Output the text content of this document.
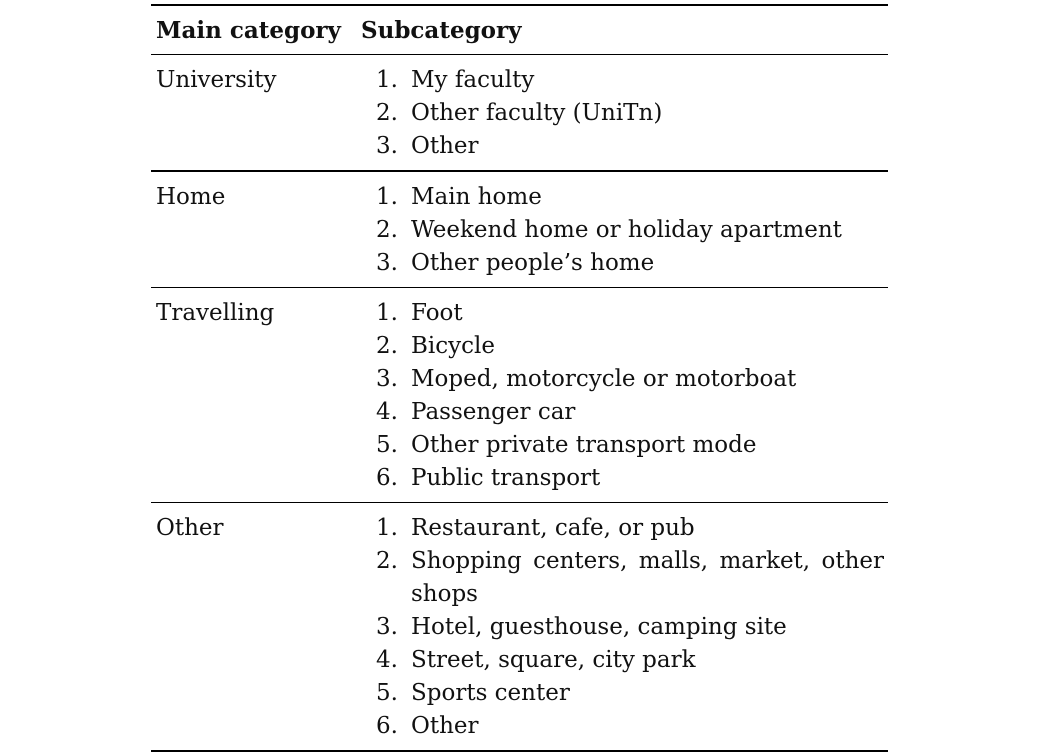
Main category Subcategory
University	1. My faculty
2. Other faculty (UniTn)
3. Other
Home	1. Main home
2. Weekend home or holiday apartment
3. Other people’s home
Travelling	1. Foot
2. Bicycle
3. Moped, motorcycle or motorboat
4. Passenger car
5. Other private transport mode
6. Public transport
Other	1. Restaurant, cafe, or pub
2. Shopping centers, malls, market, other shops
3. Hotel, guesthouse, camping site
4. Street, square, city park
5. Sports center
6. Other
